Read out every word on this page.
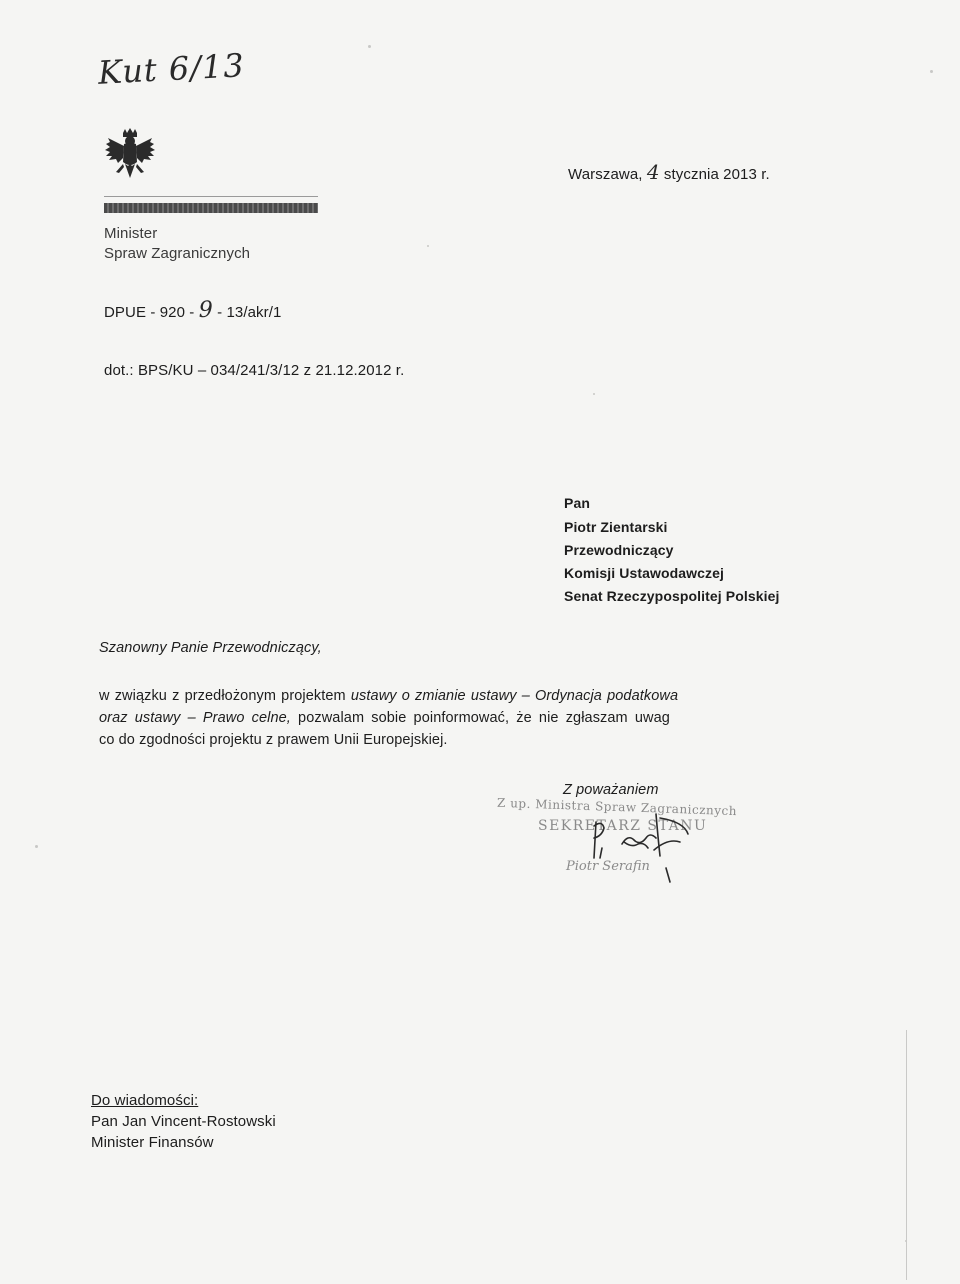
Kut 6/13
Warszawa, 4 stycznia 2013 r.
Minister
Spraw Zagranicznych
DPUE - 920 - 9 - 13/akr/1
dot.: BPS/KU – 034/241/3/12 z 21.12.2012 r.
Pan
Piotr Zientarski
Przewodniczący
Komisji Ustawodawczej
Senat Rzeczypospolitej Polskiej
Szanowny Panie Przewodniczący,
w związku z przedłożonym projektem ustawy o zmianie ustawy – Ordynacja podatkowa
oraz ustawy – Prawo celne, pozwalam sobie poinformować, że nie zgłaszam uwag
co do zgodności projektu z prawem Unii Europejskiej.
Z poważaniem
Z up. Ministra Spraw Zagranicznych
SEKRETARZ STANU
Piotr Serafin
Do wiadomości:
Pan Jan Vincent-Rostowski
Minister Finansów
